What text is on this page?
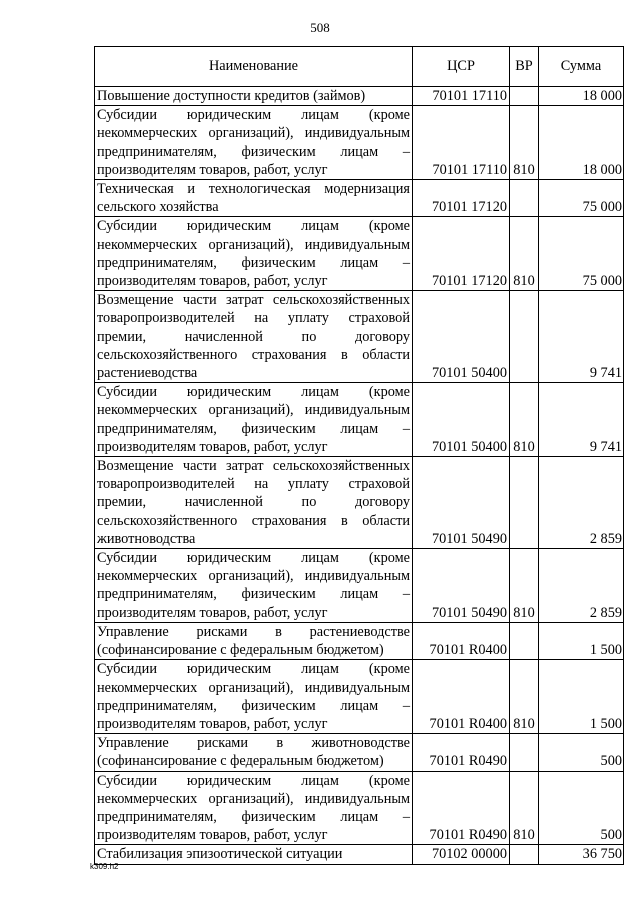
508
Наименование	ЦСР	ВР	Сумма
Повышение доступности кредитов (займов)	70101 17110		18 000
Субсидии юридическим лицам (кроме некоммерческих организаций), индивидуальным предпринимателям, физическим лицам – производителям товаров, работ, услуг	70101 17110	810	18 000
Техническая и технологическая модернизация сельского хозяйства	70101 17120		75 000
Субсидии юридическим лицам (кроме некоммерческих организаций), индивидуальным предпринимателям, физическим лицам – производителям товаров, работ, услуг	70101 17120	810	75 000
Возмещение части затрат сельскохозяйственных товаропроизводителей на уплату страховой премии, начисленной по договору сельскохозяйственного страхования в области растениеводства	70101 50400		9 741
Субсидии юридическим лицам (кроме некоммерческих организаций), индивидуальным предпринимателям, физическим лицам – производителям товаров, работ, услуг	70101 50400	810	9 741
Возмещение части затрат сельскохозяйственных товаропроизводителей на уплату страховой премии, начисленной по договору сельскохозяйственного страхования в области животноводства	70101 50490		2 859
Субсидии юридическим лицам (кроме некоммерческих организаций), индивидуальным предпринимателям, физическим лицам – производителям товаров, работ, услуг	70101 50490	810	2 859
Управление рисками в растениеводстве (софинансирование с федеральным бюджетом)	70101 R0400		1 500
Субсидии юридическим лицам (кроме некоммерческих организаций), индивидуальным предпринимателям, физическим лицам – производителям товаров, работ, услуг	70101 R0400	810	1 500
Управление рисками в животноводстве (софинансирование с федеральным бюджетом)	70101 R0490		500
Субсидии юридическим лицам (кроме некоммерческих организаций), индивидуальным предпринимателям, физическим лицам – производителям товаров, работ, услуг	70101 R0490	810	500
Стабилизация эпизоотической ситуации	70102 00000		36 750
k309.h2
